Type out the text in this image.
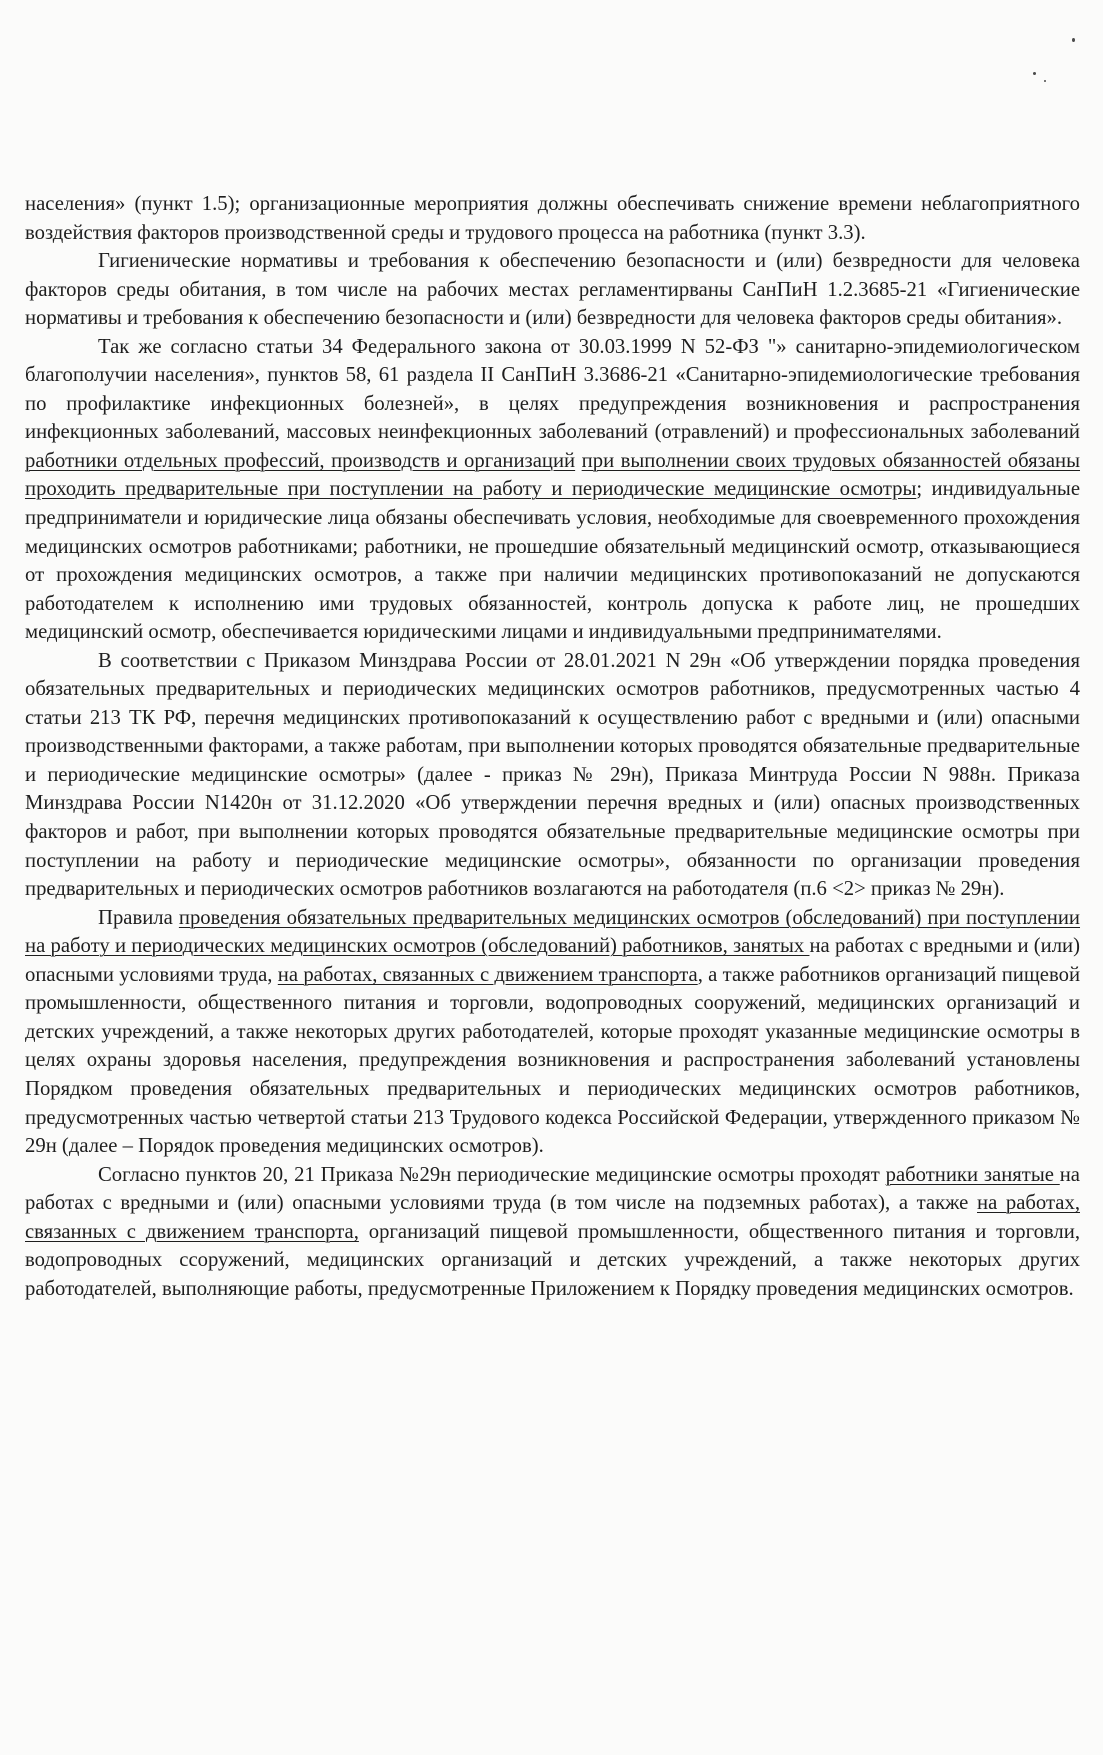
населения» (пункт 1.5); организационные мероприятия должны обеспечивать снижение времени неблагоприятного воздействия факторов производственной среды и трудового процесса на работника (пункт 3.3).

Гигиенические нормативы и требования к обеспечению безопасности и (или) безвредности для человека факторов среды обитания, в том числе на рабочих местах регламентирваны СанПиН 1.2.3685-21 «Гигиенические нормативы и требования к обеспечению безопасности и (или) безвредности для человека факторов среды обитания».

Так же согласно статьи 34 Федерального закона от 30.03.1999 N 52-ФЗ "» санитарно-эпидемиологическом благополучии населения», пунктов 58, 61 раздела II СанПиН 3.3686-21 «Санитарно-эпидемиологические требования по профилактике инфекционных болезней», в целях предупреждения возникновения и распространения инфекционных заболеваний, массовых неинфекционных заболеваний (отравлений) и профессиональных заболеваний работники отдельных профессий, производств и организаций при выполнении своих трудовых обязанностей обязаны проходить предварительные при поступлении на работу и периодические медицинские осмотры; индивидуальные предприниматели и юридические лица обязаны обеспечивать условия, необходимые для своевременного прохождения медицинских осмотров работниками; работники, не прошедшие обязательный медицинский осмотр, отказывающиеся от прохождения медицинских осмотров, а также при наличии медицинских противопоказаний не допускаются работодателем к исполнению ими трудовых обязанностей, контроль допуска к работе лиц, не прошедших медицинский осмотр, обеспечивается юридическими лицами и индивидуальными предпринимателями.

В соответствии с Приказом Минздрава России от 28.01.2021 N 29н «Об утверждении порядка проведения обязательных предварительных и периодических медицинских осмотров работников, предусмотренных частью 4 статьи 213 ТК РФ, перечня медицинских противопоказаний к осуществлению работ с вредными и (или) опасными производственными факторами, а также работам, при выполнении которых проводятся обязательные предварительные и периодические медицинские осмотры» (далее - приказ № 29н), Приказа Минтруда России N 988н. Приказа Минздрава России N1420н от 31.12.2020 «Об утверждении перечня вредных и (или) опасных производственных факторов и работ, при выполнении которых проводятся обязательные предварительные медицинские осмотры при поступлении на работу и периодические медицинские осмотры», обязанности по организации проведения предварительных и периодических осмотров работников возлагаются на работодателя (п.6 <2> приказ № 29н).

Правила проведения обязательных предварительных медицинских осмотров (обследований) при поступлении на работу и периодических медицинских осмотров (обследований) работников, занятых на работах с вредными и (или) опасными условиями труда, на работах, связанных с движением транспорта, а также работников организаций пищевой промышленности, общественного питания и торговли, водопроводных сооружений, медицинских организаций и детских учреждений, а также некоторых других работодателей, которые проходят указанные медицинские осмотры в целях охраны здоровья населения, предупреждения возникновения и распространения заболеваний установлены Порядком проведения обязательных предварительных и периодических медицинских осмотров работников, предусмотренных частью четвертой статьи 213 Трудового кодекса Российской Федерации, утвержденного приказом № 29н (далее – Порядок проведения медицинских осмотров).

Согласно пунктов 20, 21 Приказа №29н периодические медицинские осмотры проходят работники занятые на работах с вредными и (или) опасными условиями труда (в том числе на подземных работах), а также на работах, связанных с движением транспорта, организаций пищевой промышленности, общественного питания и торговли, водопроводных ссоружений, медицинских организаций и детских учреждений, а также некоторых других работодателей, выполняющие работы, предусмотренные Приложением к Порядку проведения медицинских осмотров.
